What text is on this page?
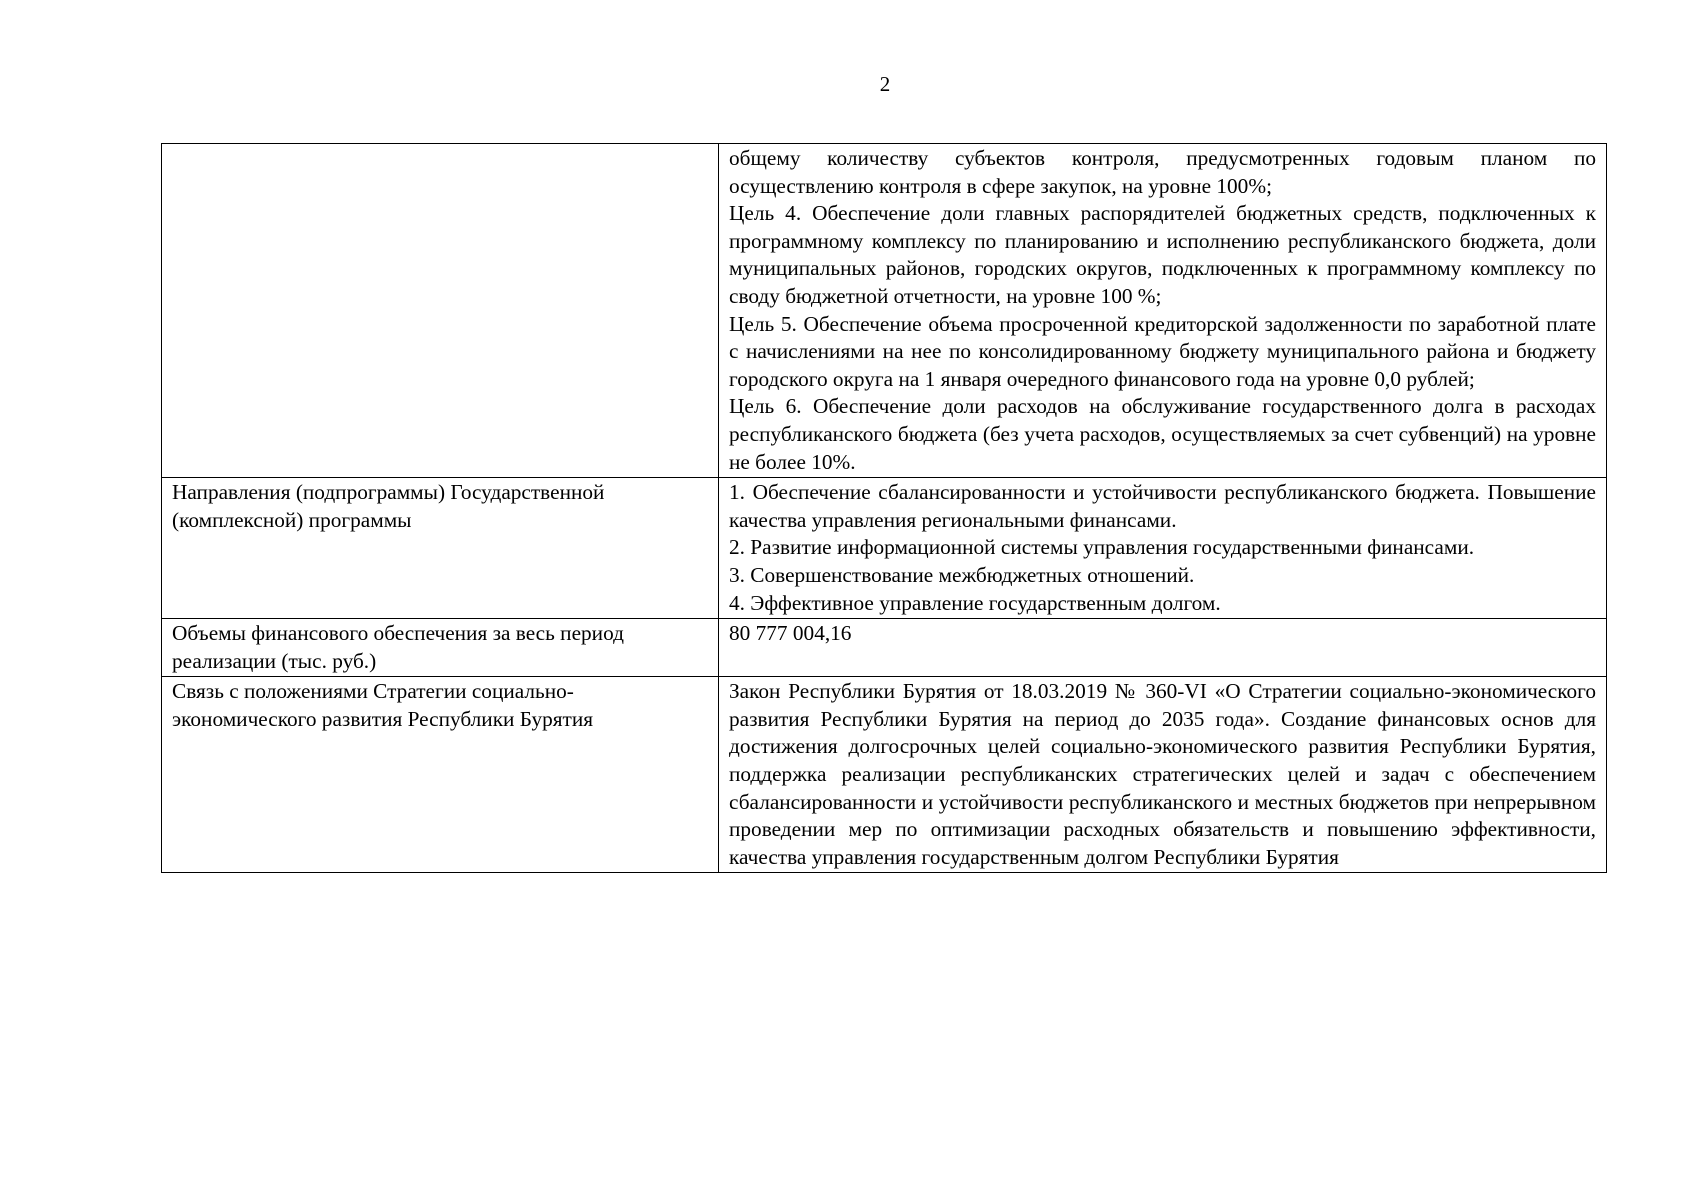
2

	общему количеству субъектов контроля, предусмотренных годовым планом по осуществлению контроля в сфере закупок, на уровне 100%;
Цель 4. Обеспечение доли главных распорядителей бюджетных средств, подключенных к программному комплексу по планированию и исполнению республиканского бюджета, доли муниципальных районов, городских округов, подключенных к программному комплексу по своду бюджетной отчетности, на уровне 100 %;
Цель 5. Обеспечение объема просроченной кредиторской задолженности по заработной плате с начислениями на нее по консолидированному бюджету муниципального района и бюджету городского округа на 1 января очередного финансового года на уровне 0,0 рублей;
Цель 6. Обеспечение доли расходов на обслуживание государственного долга в расходах республиканского бюджета (без учета расходов, осуществляемых за счет субвенций) на уровне не более 10%.

Направления (подпрограммы) Государственной (комплексной) программы	1. Обеспечение сбалансированности и устойчивости республиканского бюджета. Повышение качества управления региональными финансами.
2. Развитие информационной системы управления государственными финансами.
3. Совершенствование межбюджетных отношений.
4. Эффективное управление государственным долгом.

Объемы финансового обеспечения за весь период реализации (тыс. руб.)	80 777 004,16

Связь с положениями Стратегии социально-экономического развития Республики Бурятия	Закон Республики Бурятия от 18.03.2019 № 360-VI «О Стратегии социально-экономического развития Республики Бурятия на период до 2035 года». Создание финансовых основ для достижения долгосрочных целей социально-экономического развития Республики Бурятия, поддержка реализации республиканских стратегических целей и задач с обеспечением сбалансированности и устойчивости республиканского и местных бюджетов при непрерывном проведении мер по оптимизации расходных обязательств и повышению эффективности, качества управления государственным долгом Республики Бурятия
